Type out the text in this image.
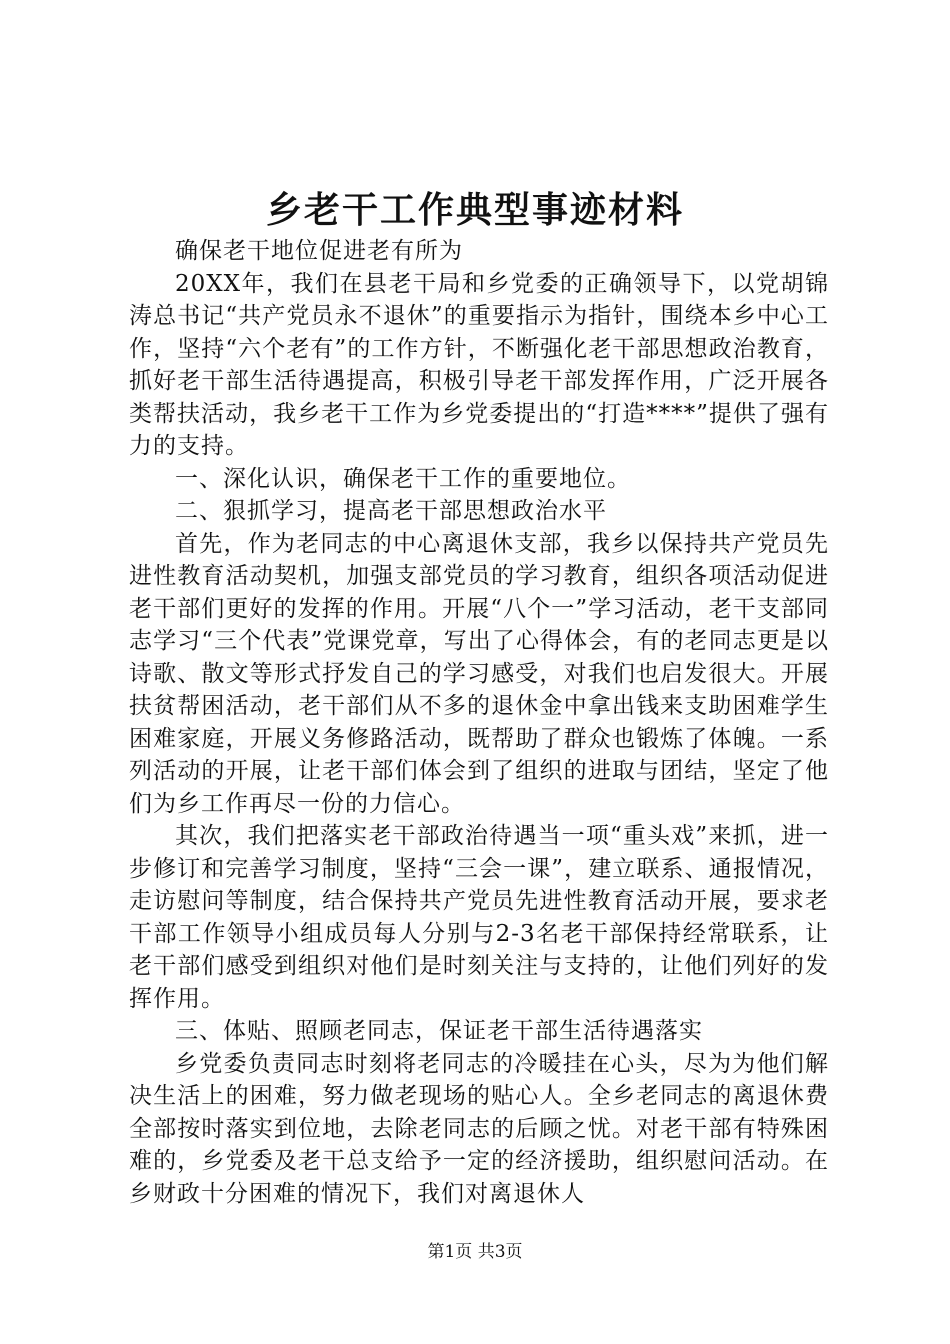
乡老干工作典型事迹材料

确保老干地位促进老有所为

20XX年，我们在县老干局和乡党委的正确领导下，以党胡锦涛总书记“共产党员永不退休”的重要指示为指针，围绕本乡中心工作，坚持“六个老有”的工作方针，不断强化老干部思想政治教育，抓好老干部生活待遇提高，积极引导老干部发挥作用，广泛开展各类帮扶活动，我乡老干工作为乡党委提出的“打造****”提供了强有力的支持。

一、深化认识，确保老干工作的重要地位。

二、狠抓学习，提高老干部思想政治水平

首先，作为老同志的中心离退休支部，我乡以保持共产党员先进性教育活动契机，加强支部党员的学习教育，组织各项活动促进老干部们更好的发挥的作用。开展“八个一”学习活动，老干支部同志学习“三个代表”党课党章，写出了心得体会，有的老同志更是以诗歌、散文等形式抒发自己的学习感受，对我们也启发很大。开展扶贫帮困活动，老干部们从不多的退休金中拿出钱来支助困难学生困难家庭，开展义务修路活动，既帮助了群众也锻炼了体魄。一系列活动的开展，让老干部们体会到了组织的进取与团结，坚定了他们为乡工作再尽一份的力信心。

其次，我们把落实老干部政治待遇当一项“重头戏”来抓，进一步修订和完善学习制度，坚持“三会一课”，建立联系、通报情况，走访慰问等制度，结合保持共产党员先进性教育活动开展，要求老干部工作领导小组成员每人分别与2-3名老干部保持经常联系，让老干部们感受到组织对他们是时刻关注与支持的，让他们列好的发挥作用。

三、体贴、照顾老同志，保证老干部生活待遇落实

乡党委负责同志时刻将老同志的冷暖挂在心头，尽为为他们解决生活上的困难，努力做老现场的贴心人。全乡老同志的离退休费全部按时落实到位地，去除老同志的后顾之忧。对老干部有特殊困难的，乡党委及老干总支给予一定的经济援助，组织慰问活动。在乡财政十分困难的情况下，我们对离退休人

第1页 共3页
